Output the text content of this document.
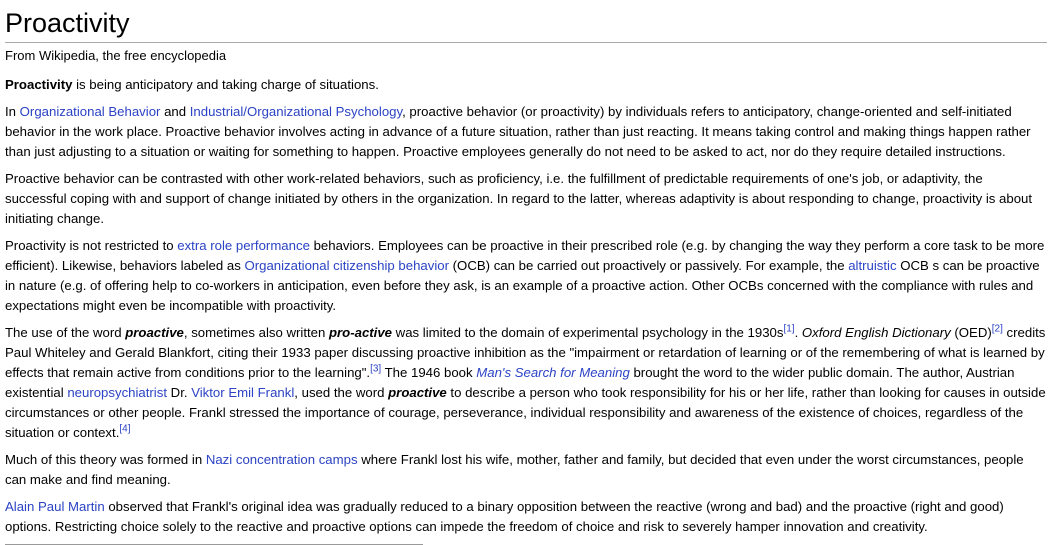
Proactivity
From Wikipedia, the free encyclopedia

Proactivity is being anticipatory and taking charge of situations.

In Organizational Behavior and Industrial/Organizational Psychology, proactive behavior (or proactivity) by individuals refers to anticipatory, change-oriented and self-initiated behavior in the work place. Proactive behavior involves acting in advance of a future situation, rather than just reacting. It means taking control and making things happen rather than just adjusting to a situation or waiting for something to happen. Proactive employees generally do not need to be asked to act, nor do they require detailed instructions.

Proactive behavior can be contrasted with other work-related behaviors, such as proficiency, i.e. the fulfillment of predictable requirements of one's job, or adaptivity, the successful coping with and support of change initiated by others in the organization. In regard to the latter, whereas adaptivity is about responding to change, proactivity is about initiating change.

Proactivity is not restricted to extra role performance behaviors. Employees can be proactive in their prescribed role (e.g. by changing the way they perform a core task to be more efficient). Likewise, behaviors labeled as Organizational citizenship behavior (OCB) can be carried out proactively or passively. For example, the altruistic OCB s can be proactive in nature (e.g. of offering help to co-workers in anticipation, even before they ask, is an example of a proactive action. Other OCBs concerned with the compliance with rules and expectations might even be incompatible with proactivity.

The use of the word proactive, sometimes also written pro-active was limited to the domain of experimental psychology in the 1930s[1]. Oxford English Dictionary (OED)[2] credits Paul Whiteley and Gerald Blankfort, citing their 1933 paper discussing proactive inhibition as the "impairment or retardation of learning or of the remembering of what is learned by effects that remain active from conditions prior to the learning".[3] The 1946 book Man's Search for Meaning brought the word to the wider public domain. The author, Austrian existential neuropsychiatrist Dr. Viktor Emil Frankl, used the word proactive to describe a person who took responsibility for his or her life, rather than looking for causes in outside circumstances or other people. Frankl stressed the importance of courage, perseverance, individual responsibility and awareness of the existence of choices, regardless of the situation or context.[4]

Much of this theory was formed in Nazi concentration camps where Frankl lost his wife, mother, father and family, but decided that even under the worst circumstances, people can make and find meaning.

Alain Paul Martin observed that Frankl's original idea was gradually reduced to a binary opposition between the reactive (wrong and bad) and the proactive (right and good) options. Restricting choice solely to the reactive and proactive options can impede the freedom of choice and risk to severely hamper innovation and creativity.
